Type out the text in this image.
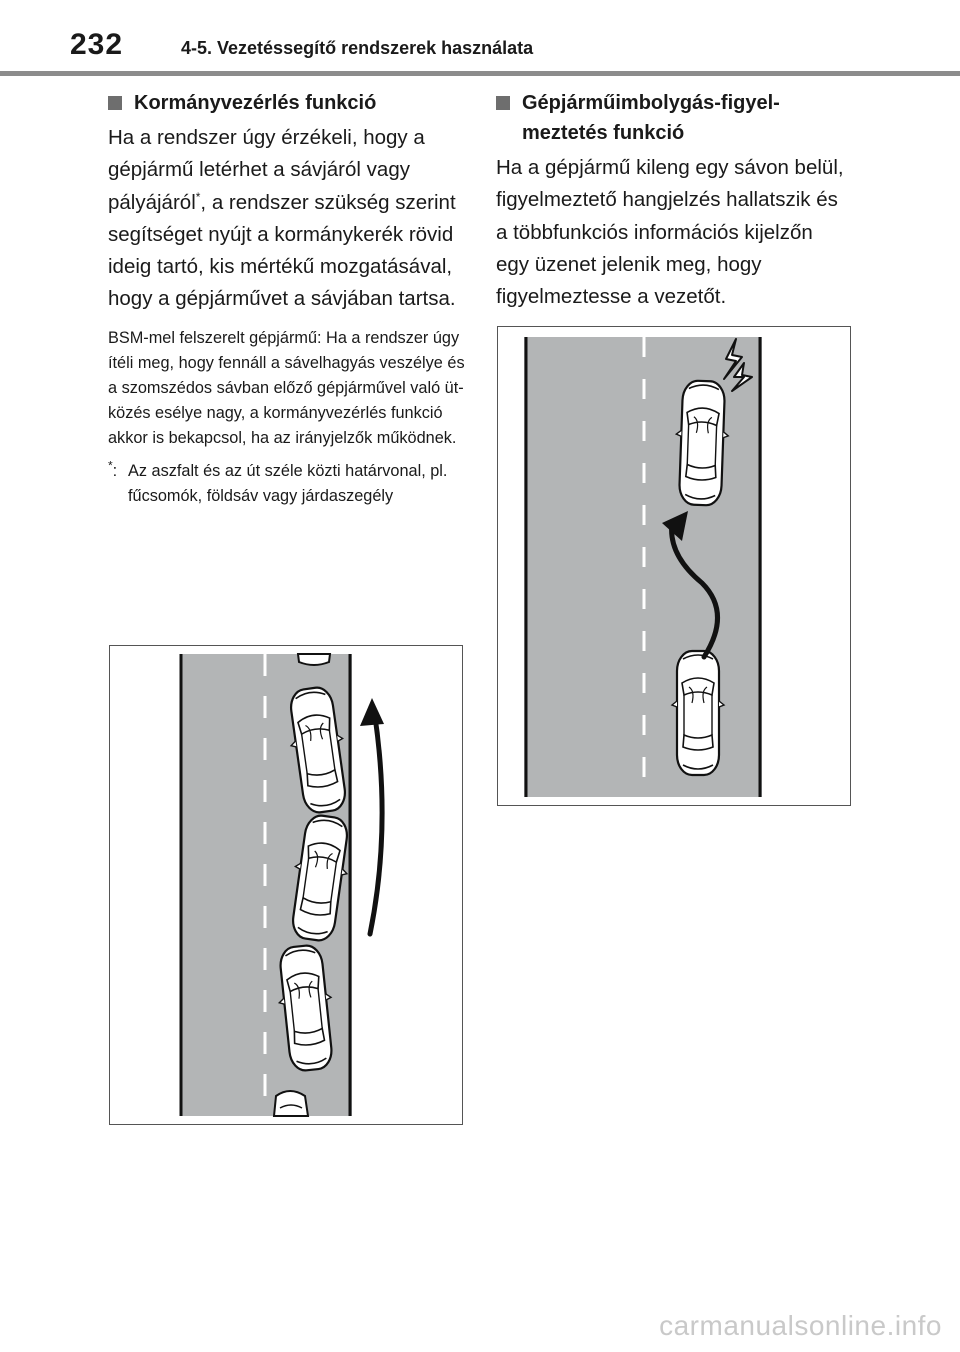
232	4-5. Vezetéssegítő rendszerek használata
Kormányvezérlés funkció

Ha a rendszer úgy érzékeli, hogy a gépjármű letérhet a sávjáról vagy pályájáról*, a rendszer szükség szerint segítséget nyújt a kormánykerék rövid ideig tartó, kis mértékű mozgatásával, hogy a gépjárművet a sávjában tartsa.

BSM-mel felszerelt gépjármű: Ha a rendszer úgy ítéli meg, hogy fennáll a sávelhagyás veszélye és a szomszédos sávban előző gépjárművel való ütközés esélye nagy, a kormányvezérlés funkció akkor is bekapcsol, ha az irányjelzők működnek.

*: Az aszfalt és az út széle közti határvonal, pl. fűcsomók, földsáv vagy járdaszegély
Gépjárműimbolygás-figyelmeztetés funkció

Ha a gépjármű kileng egy sávon belül, figyelmeztető hangjelzés hallatszik és a többfunkciós információs kijelzőn egy üzenet jelenik meg, hogy figyelmeztesse a vezetőt.

carmanualsonline.info
